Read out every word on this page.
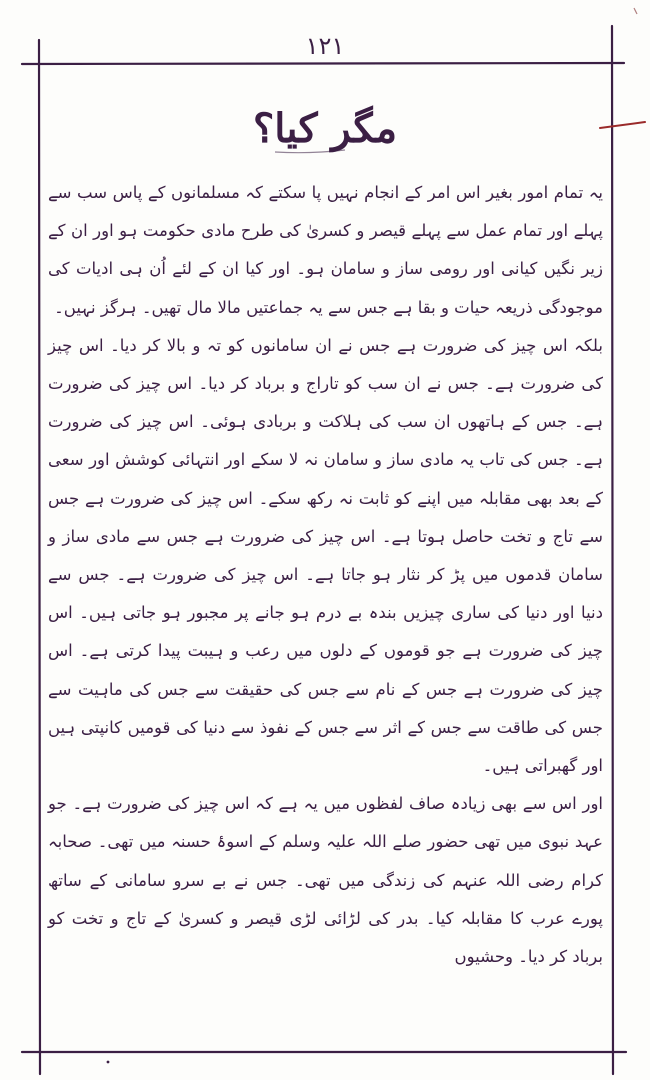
۱۲۱
مگر کیا؟

یہ تمام امور بغیر اس امر کے انجام نہیں پا سکتے کہ مسلمانوں کے پاس سب سے پہلے اور تمام عمل سے پہلے قیصر و کسریٰ کی طرح مادی حکومت ہو اور ان کے زیر نگیں کیانی اور رومی ساز و سامان ہو۔ اور کیا ان کے لئے اُن ہی ادیات کی موجودگی ذریعہ حیات و بقا ہے جس سے یہ جماعتیں مالا مال تھیں۔ ہرگز نہیں۔

بلکہ اس چیز کی ضرورت ہے جس نے ان سامانوں کو تہ و بالا کر دیا۔ اس چیز کی ضرورت ہے۔ جس نے ان سب کو تاراج و برباد کر دیا۔ اس چیز کی ضرورت ہے۔ جس کے ہاتھوں ان سب کی ہلاکت و بربادی ہوئی۔ اس چیز کی ضرورت ہے۔ جس کی تاب یہ مادی ساز و سامان نہ لا سکے اور انتہائی کوشش اور سعی کے بعد بھی مقابلہ میں اپنے کو ثابت نہ رکھ سکے۔ اس چیز کی ضرورت ہے جس سے تاج و تخت حاصل ہوتا ہے۔ اس چیز کی ضرورت ہے جس سے مادی ساز و سامان قدموں میں پڑ کر نثار ہو جاتا ہے۔ اس چیز کی ضرورت ہے۔ جس سے دنیا اور دنیا کی ساری چیزیں بندہ بے درم ہو جانے پر مجبور ہو جاتی ہیں۔ اس چیز کی ضرورت ہے جو قوموں کے دلوں میں رعب و ہیبت پیدا کرتی ہے۔ اس چیز کی ضرورت ہے جس کے نام سے جس کی حقیقت سے جس کی ماہیت سے جس کی طاقت سے جس کے اثر سے جس کے نفوذ سے دنیا کی قومیں کانپتی ہیں اور گھبراتی ہیں۔

اور اس سے بھی زیادہ صاف لفظوں میں یہ ہے کہ اس چیز کی ضرورت ہے۔ جو عہد نبوی میں تھی حضور صلے اللہ علیہ وسلم کے اسوۂ حسنہ میں تھی۔ صحابہ کرام رضی اللہ عنہم کی زندگی میں تھی۔ جس نے بے سرو سامانی کے ساتھ پورے عرب کا مقابلہ کیا۔ بدر کی لڑائی لڑی قیصر و کسریٰ کے تاج و تخت کو برباد کر دیا۔ وحشیوں
